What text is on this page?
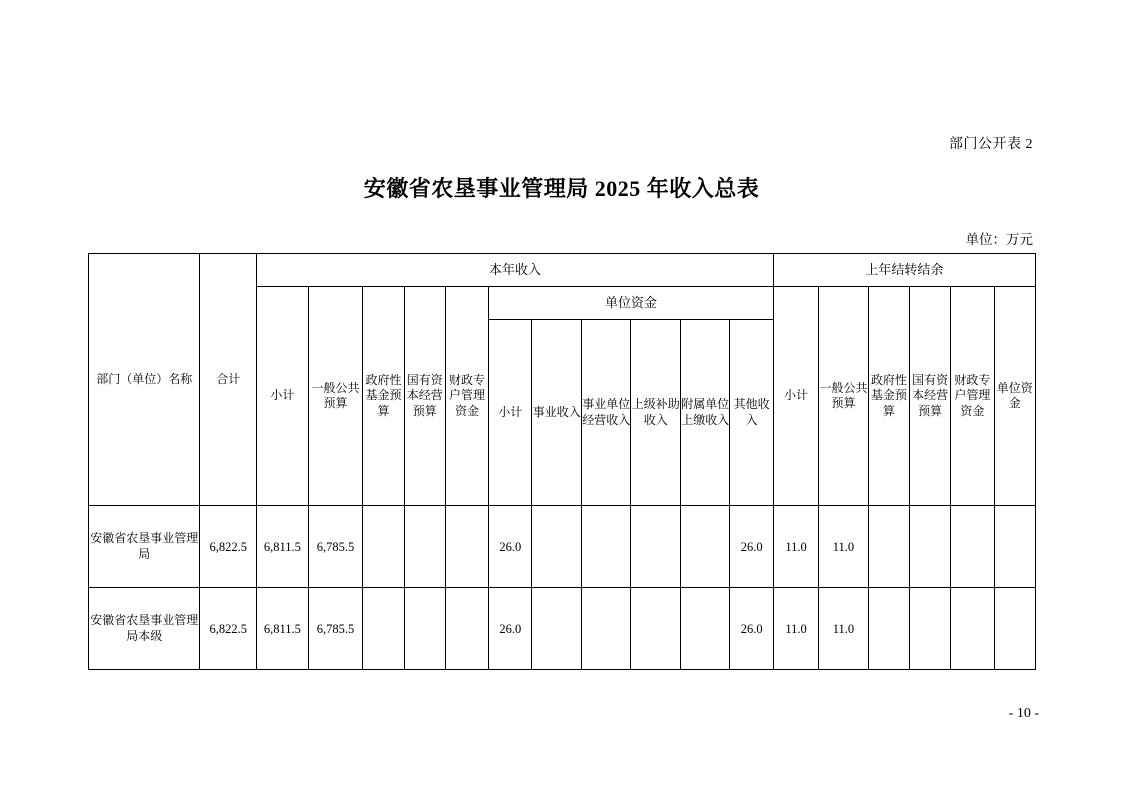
部门公开表 2
安徽省农垦事业管理局 2025 年收入总表
单位：万元
部门（单位）名称	合计	本年收入											上年结转结余					
		小计	一般公共预算	政府性基金预算	国有资本经营预算	财政专户管理资金	单位资金						小计	一般公共预算	政府性基金预算	国有资本经营预算	财政专户管理资金	单位资金
							小计	事业收入	事业单位经营收入	上级补助收入	附属单位上缴收入	其他收入						

安徽省农垦事业管理局	6,822.5	6,811.5	6,785.5				26.0					26.0	11.0	11.0				
安徽省农垦事业管理局本级	6,822.5	6,811.5	6,785.5				26.0					26.0	11.0	11.0				
- 10 -
